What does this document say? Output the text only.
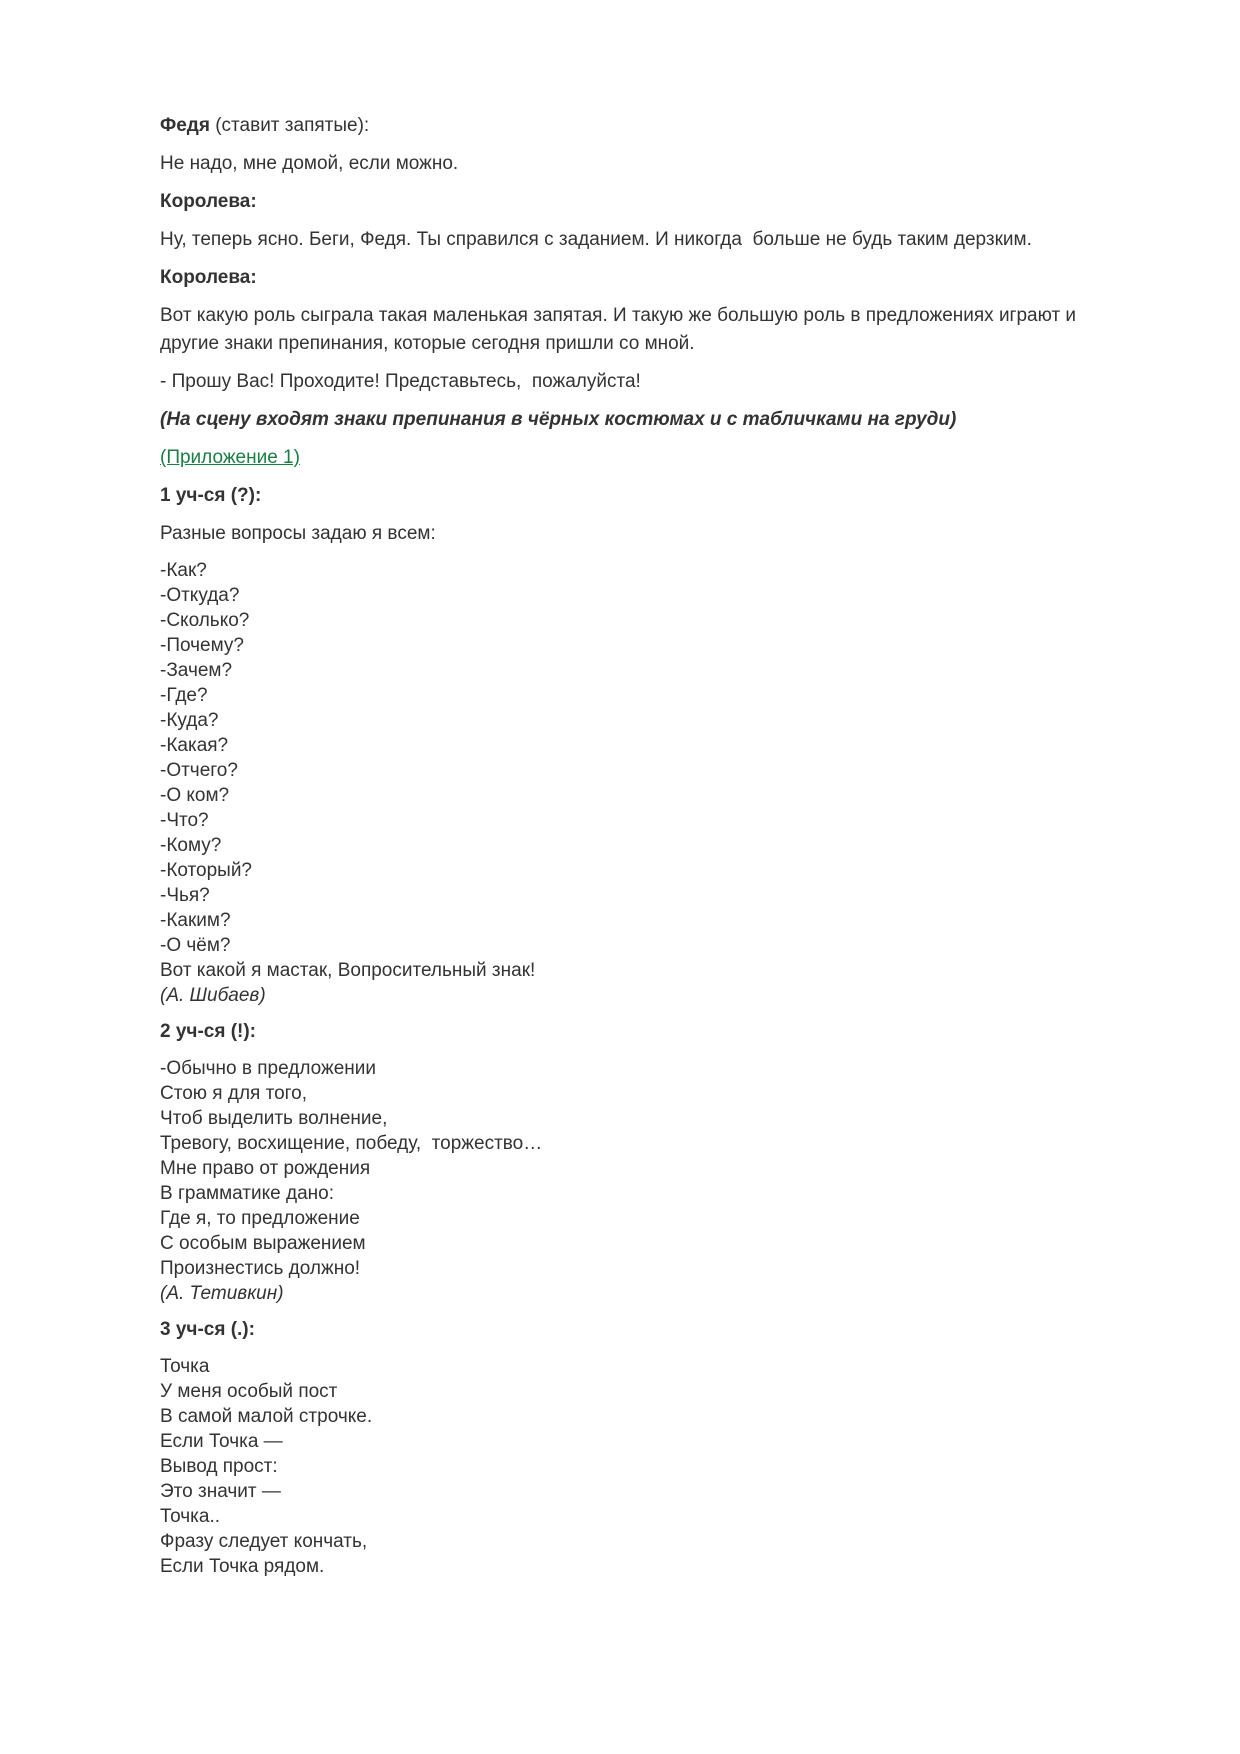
Федя (ставит запятые):

Не надо, мне домой, если можно.

Королева:

Ну, теперь ясно. Беги, Федя. Ты справился с заданием. И никогда  больше не будь таким дерзким.

Королева:

Вот какую роль сыграла такая маленькая запятая. И такую же большую роль в предложениях играют и другие знаки препинания, которые сегодня пришли со мной.

- Прошу Вас! Проходите! Представьтесь,  пожалуйста!

(На сцену входят знаки препинания в чёрных костюмах и с табличками на груди)

(Приложение 1)

1 уч-ся (?):

Разные вопросы задаю я всем:

-Как?
-Откуда?
-Сколько?
-Почему?
-Зачем?
-Где?
-Куда?
-Какая?
-Отчего?
-О ком?
-Что?
-Кому?
-Который?
-Чья?
-Каким?
-О чём?
Вот какой я мастак, Вопросительный знак!
(А. Шибаев)

2 уч-ся (!):

-Обычно в предложении
Стою я для того,
Чтоб выделить волнение,
Тревогу, восхищение, победу,  торжество…
Мне право от рождения
В грамматике дано:
Где я, то предложение
С особым выражением
Произнестись должно!
(А. Тетивкин)

3 уч-ся (.):

Точка
У меня особый пост
В самой малой строчке.
Если Точка —
Вывод прост:
Это значит —
Точка..
Фразу следует кончать,
Если Точка рядом.
